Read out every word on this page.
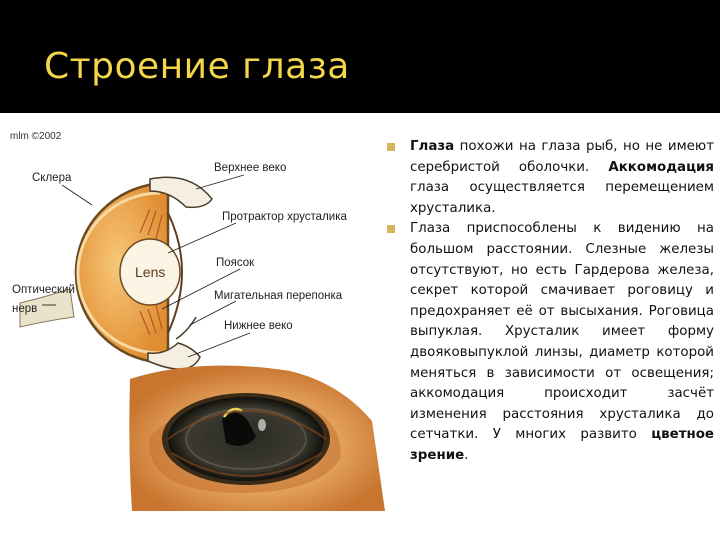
Строение глаза
mlm ©2002
Lens
Склера
Верхнее веко
Протрактор хрусталика
Поясок
Мигательная перепонка
Нижнее веко
Оптический
нерв

Глаза похожи на глаза рыб, но не имеют серебристой оболочки. Аккомодация глаза осуществляется перемещением хрусталика.

Глаза приспособлены к видению на большом расстоянии. Слезные железы отсутствуют, но есть Гардерова железа, секрет которой смачивает роговицу и предохраняет её от высыхания. Роговица выпуклая. Хрусталик имеет форму двояковыпуклой линзы, диаметр которой меняться в зависимости от освещения; аккомодация происходит засчёт изменения расстояния хрусталика до сетчатки. У многих развито цветное зрение.
